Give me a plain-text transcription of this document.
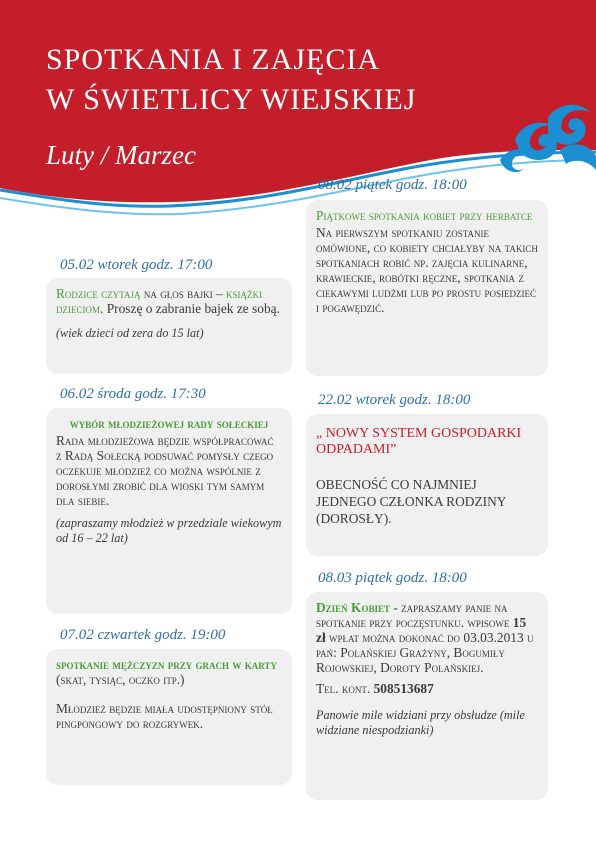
SPOTKANIA I ZAJĘCIA
W ŚWIETLICY WIEJSKIEJ
Luty / Marzec
05.02 wtorek godz. 17:00

Rodzice czytają na głos bajki – książki dzieciom. Proszę o zabranie bajek ze sobą.

(wiek dzieci od zera do 15 lat)

06.02 środa godz. 17:30

wybór młodzieżowej rady sołeckiej

Rada młodzieżowa będzie współpracować z Radą Sołecką podsuwać pomysły czego oczekuje młodzież co można wspólnie z dorosłymi zrobić dla wioski tym samym dla siebie.

(zapraszamy młodzież w przedziale wiekowym od 16 – 22 lat)

07.02 czwartek godz. 19:00

spotkanie mężczyzn przy grach w karty

(skat, tysiąc, oczko itp.)

Młodzież będzie miała udostępniony stół pingpongowy do rozgrywek.

08.02 piątek godz. 18:00

Piątkowe spotkania kobiet przy herbatce

Na pierwszym spotkaniu zostanie omówione, co kobiety chciałyby na takich spotkaniach robić np. zajęcia kulinarne, krawieckie, robótki ręczne, spotkania z ciekawymi ludźmi lub po prostu posiedzieć i pogawędzić.

22.02 wtorek godz. 18:00

„ NOWY SYSTEM GOSPODARKI ODPADAMI”

OBECNOŚĆ CO NAJMNIEJ JEDNEGO CZŁONKA RODZINY (DOROSŁY).

08.03 piątek godz. 18:00

Dzień Kobiet - zapraszamy panie na spotkanie przy poczęstunku. wpisowe 15 zł wpłat można dokonać do 03.03.2013 u pań: Polańskiej Grażyny, Bogumiły Rojowskiej, Doroty Polańskiej.

Tel. kont. 508513687

Panowie mile widziani przy obsłudze (mile widziane niespodzianki)
